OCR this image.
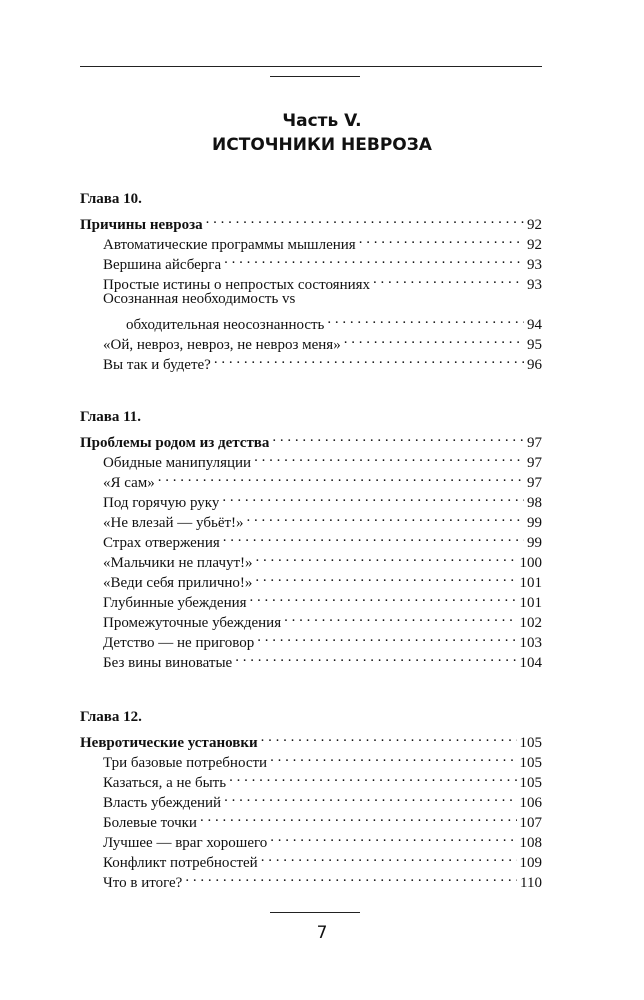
Часть V.
ИСТОЧНИКИ НЕВРОЗА
Глава 10.
Причины невроза . . .	92
Автоматические программы мышления . . .	92
Вершина айсберга . . .	93
Простые истины о непростых состояниях . . .	93
Осознанная необходимость vs
обходительная неосознанность . . .	94
«Ой, невроз, невроз, не невроз меня» . . .	95
Вы так и будете? . . .	96
Глава 11.
Проблемы родом из детства . . .	97
Обидные манипуляции . . .	97
«Я сам» . . .	97
Под горячую руку . . .	98
«Не влезай — убьёт!» . . .	99
Страх отвержения . . .	99
«Мальчики не плачут!» . . .	100
«Веди себя прилично!» . . .	101
Глубинные убеждения . . .	101
Промежуточные убеждения . . .	102
Детство — не приговор . . .	103
Без вины виноватые . . .	104
Глава 12.
Невротические установки . . .	105
Три базовые потребности . . .	105
Казаться, а не быть . . .	105
Власть убеждений . . .	106
Болевые точки . . .	107
Лучшее — враг хорошего . . .	108
Конфликт потребностей . . .	109
Что в итоге? . . .	110
7
